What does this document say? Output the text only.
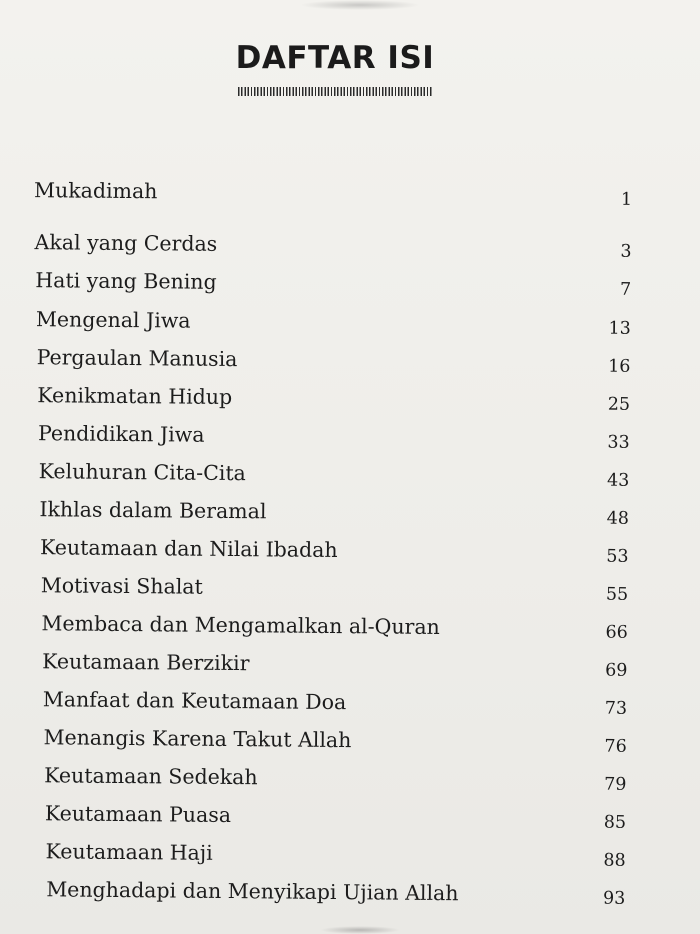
DAFTAR ISI
Mukadimah	1
Akal yang Cerdas	3
Hati yang Bening	7
Mengenal Jiwa	13
Pergaulan Manusia	16
Kenikmatan Hidup	25
Pendidikan Jiwa	33
Keluhuran Cita-Cita	43
Ikhlas dalam Beramal	48
Keutamaan dan Nilai Ibadah	53
Motivasi Shalat	55
Membaca dan Mengamalkan al-Quran	66
Keutamaan Berzikir	69
Manfaat dan Keutamaan Doa	73
Menangis Karena Takut Allah	76
Keutamaan Sedekah	79
Keutamaan Puasa	85
Keutamaan Haji	88
Menghadapi dan Menyikapi Ujian Allah	93
